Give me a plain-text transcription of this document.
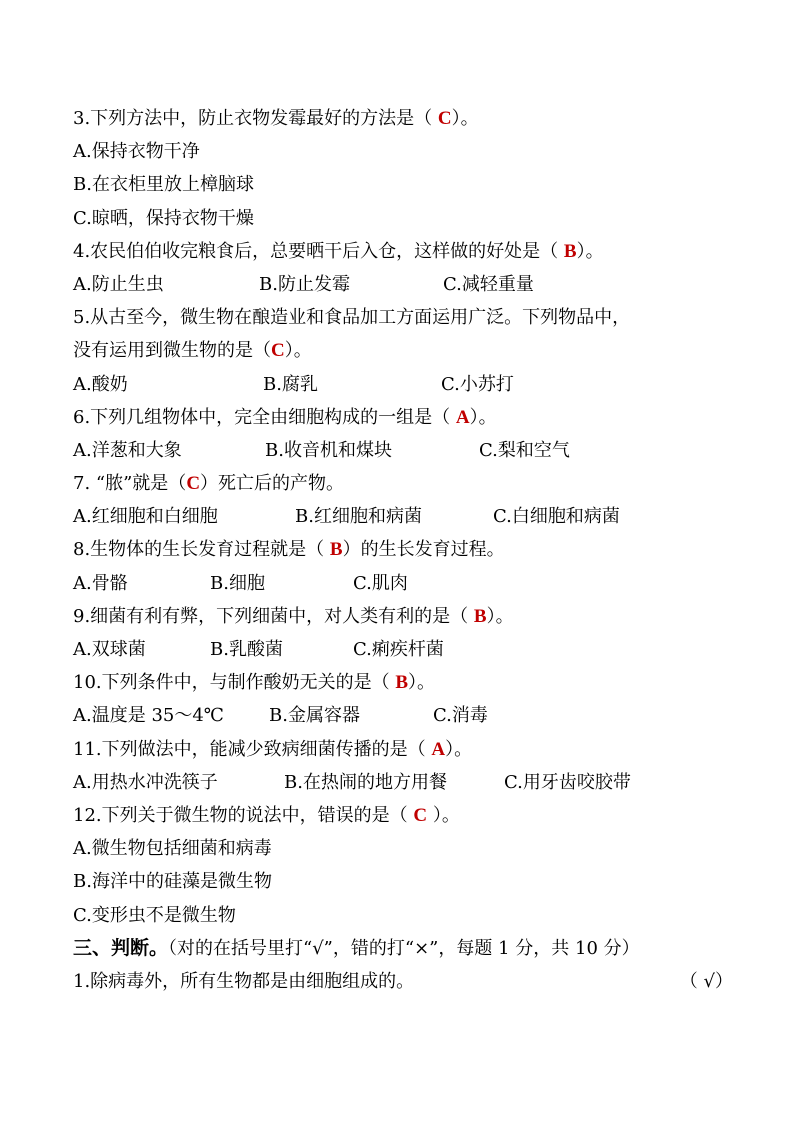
3.下列方法中，防止衣物发霉最好的方法是（ C）。
A.保持衣物干净
B.在衣柜里放上樟脑球
C.晾晒，保持衣物干燥
4.农民伯伯收完粮食后，总要晒干后入仓，这样做的好处是（ B）。
A.防止生虫	B.防止发霉	C.减轻重量
5.从古至今，微生物在酿造业和食品加工方面运用广泛。下列物品中，
没有运用到微生物的是（C）。
A.酸奶	B.腐乳	C.小苏打
6.下列几组物体中，完全由细胞构成的一组是（ A）。
A.洋葱和大象	B.收音机和煤块	C.梨和空气
7. “脓”就是（C）死亡后的产物。
A.红细胞和白细胞	B.红细胞和病菌	C.白细胞和病菌
8.生物体的生长发育过程就是（ B）的生长发育过程。
A.骨骼	B.细胞	C.肌肉
9.细菌有利有弊，下列细菌中，对人类有利的是（ B）。
A.双球菌	B.乳酸菌	C.痢疾杆菌
10.下列条件中，与制作酸奶无关的是（ B）。
A.温度是 35～4℃	B.金属容器	C.消毒
11.下列做法中，能减少致病细菌传播的是（ A）。
A.用热水冲洗筷子	B.在热闹的地方用餐	C.用牙齿咬胶带
12.下列关于微生物的说法中，错误的是（ C ）。
A.微生物包括细菌和病毒
B.海洋中的硅藻是微生物
C.变形虫不是微生物
三、判断。（对的在括号里打“√”，错的打“×”，每题 1 分，共 10 分）
1.除病毒外，所有生物都是由细胞组成的。	（ √）
